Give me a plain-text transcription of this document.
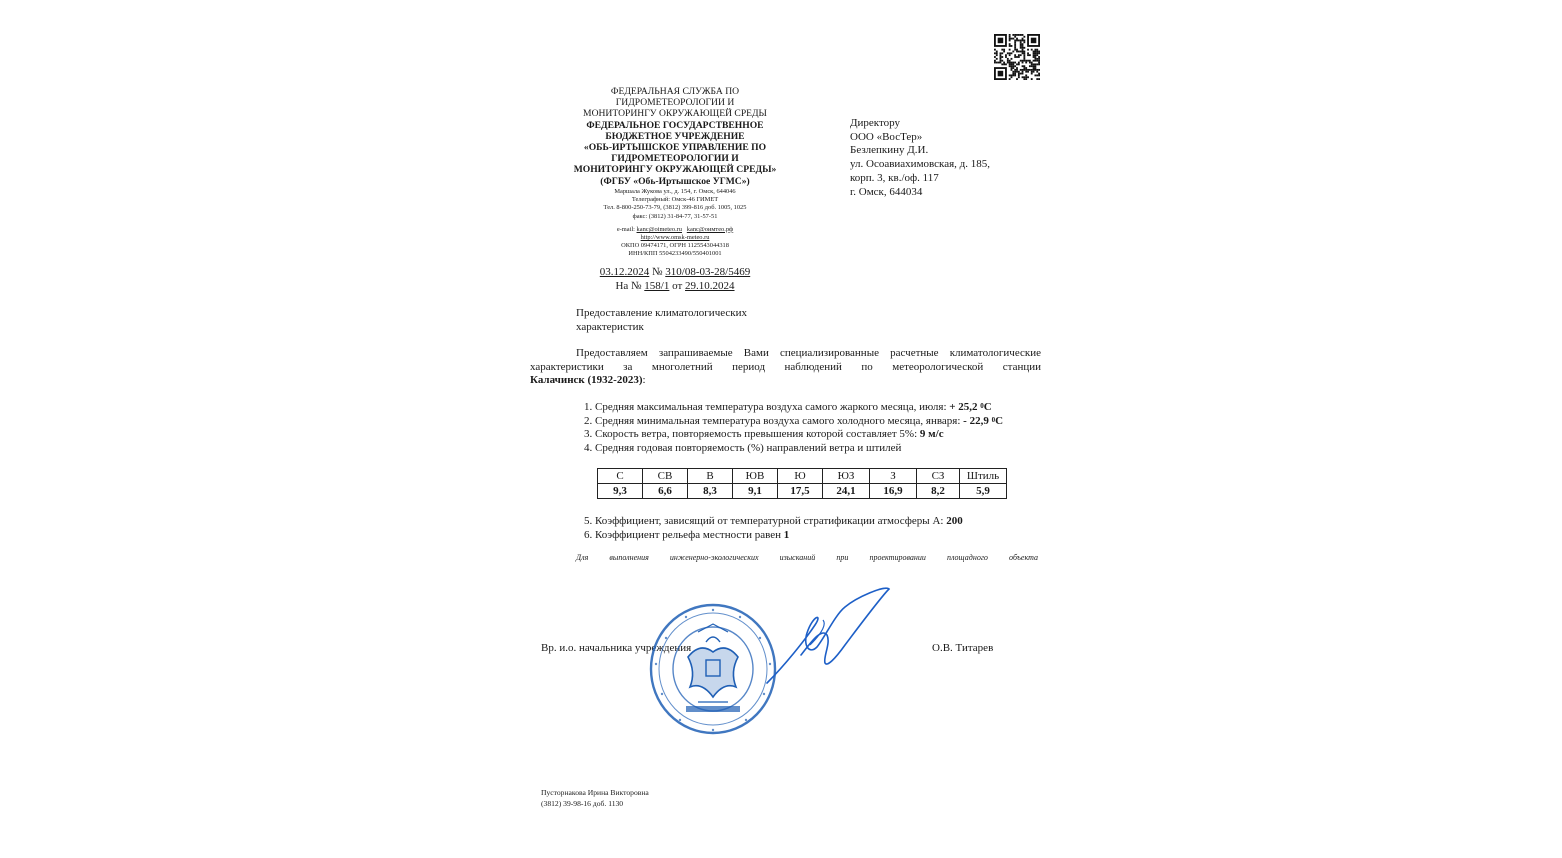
ФЕДЕРАЛЬНАЯ СЛУЖБА ПО
ГИДРОМЕТЕОРОЛОГИИ И
МОНИТОРИНГУ ОКРУЖАЮЩЕЙ СРЕДЫ
ФЕДЕРАЛЬНОЕ ГОСУДАРСТВЕННОЕ
БЮДЖЕТНОЕ УЧРЕЖДЕНИЕ
«ОБЬ-ИРТЫШСКОЕ УПРАВЛЕНИЕ ПО
ГИДРОМЕТЕОРОЛОГИИ И
МОНИТОРИНГУ ОКРУЖАЮЩЕЙ СРЕДЫ»
(ФГБУ «Обь-Иртышское УГМС»)
Маршала Жукова ул., д. 154, г. Омск, 644046
Телеграфный: Омск-46 ГИМЕТ
Тел. 8-800-250-73-79, (3812) 399-816 доб. 1005, 1025
факс: (3812) 31-84-77, 31-57-51
e-mail: kanc@oimeteo.ru kanc@оимтео.рф
http://www.omsk-meteo.ru
ОКПО 09474171, ОГРН 1125543044318
ИНН/КПП 5504233490/550401001
03.12.2024 № 310/08-03-28/5469
На № 158/1 от 29.10.2024
Директору
ООО «ВосТер»
Безлепкину Д.И.
ул. Осоавиахимовская, д. 185,
корп. 3, кв./оф. 117
г. Омск, 644034
Предоставление климатологических
характеристик
Предоставляем запрашиваемые Вами специализированные расчетные климатологические
характеристики за многолетний период наблюдений по метеорологической станции
Калачинск (1932-2023):
1. Средняя максимальная температура воздуха самого жаркого месяца, июля: + 25,2 $^0$С
2. Средняя минимальная температура воздуха самого холодного месяца, января: - 22,9 $^0$С
3. Скорость ветра, повторяемость превышения которой составляет 5%: 9 м/с
4. Средняя годовая повторяемость (%) направлений ветра и штилей
С	СВ	В	ЮВ	Ю	ЮЗ	З	СЗ	Штиль
9,3	6,6	8,3	9,1	17,5	24,1	16,9	8,2	5,9
5. Коэффициент, зависящий от температурной стратификации атмосферы А: 200
6. Коэффициент рельефа местности равен 1
Для выполнения инженерно-экологических изысканий при проектировании площадного объекта
Вр. и.о. начальника учреждения	О.В. Титарев
Пусторнакова Ирина Викторовна
(3812) 39-98-16 доб. 1130
